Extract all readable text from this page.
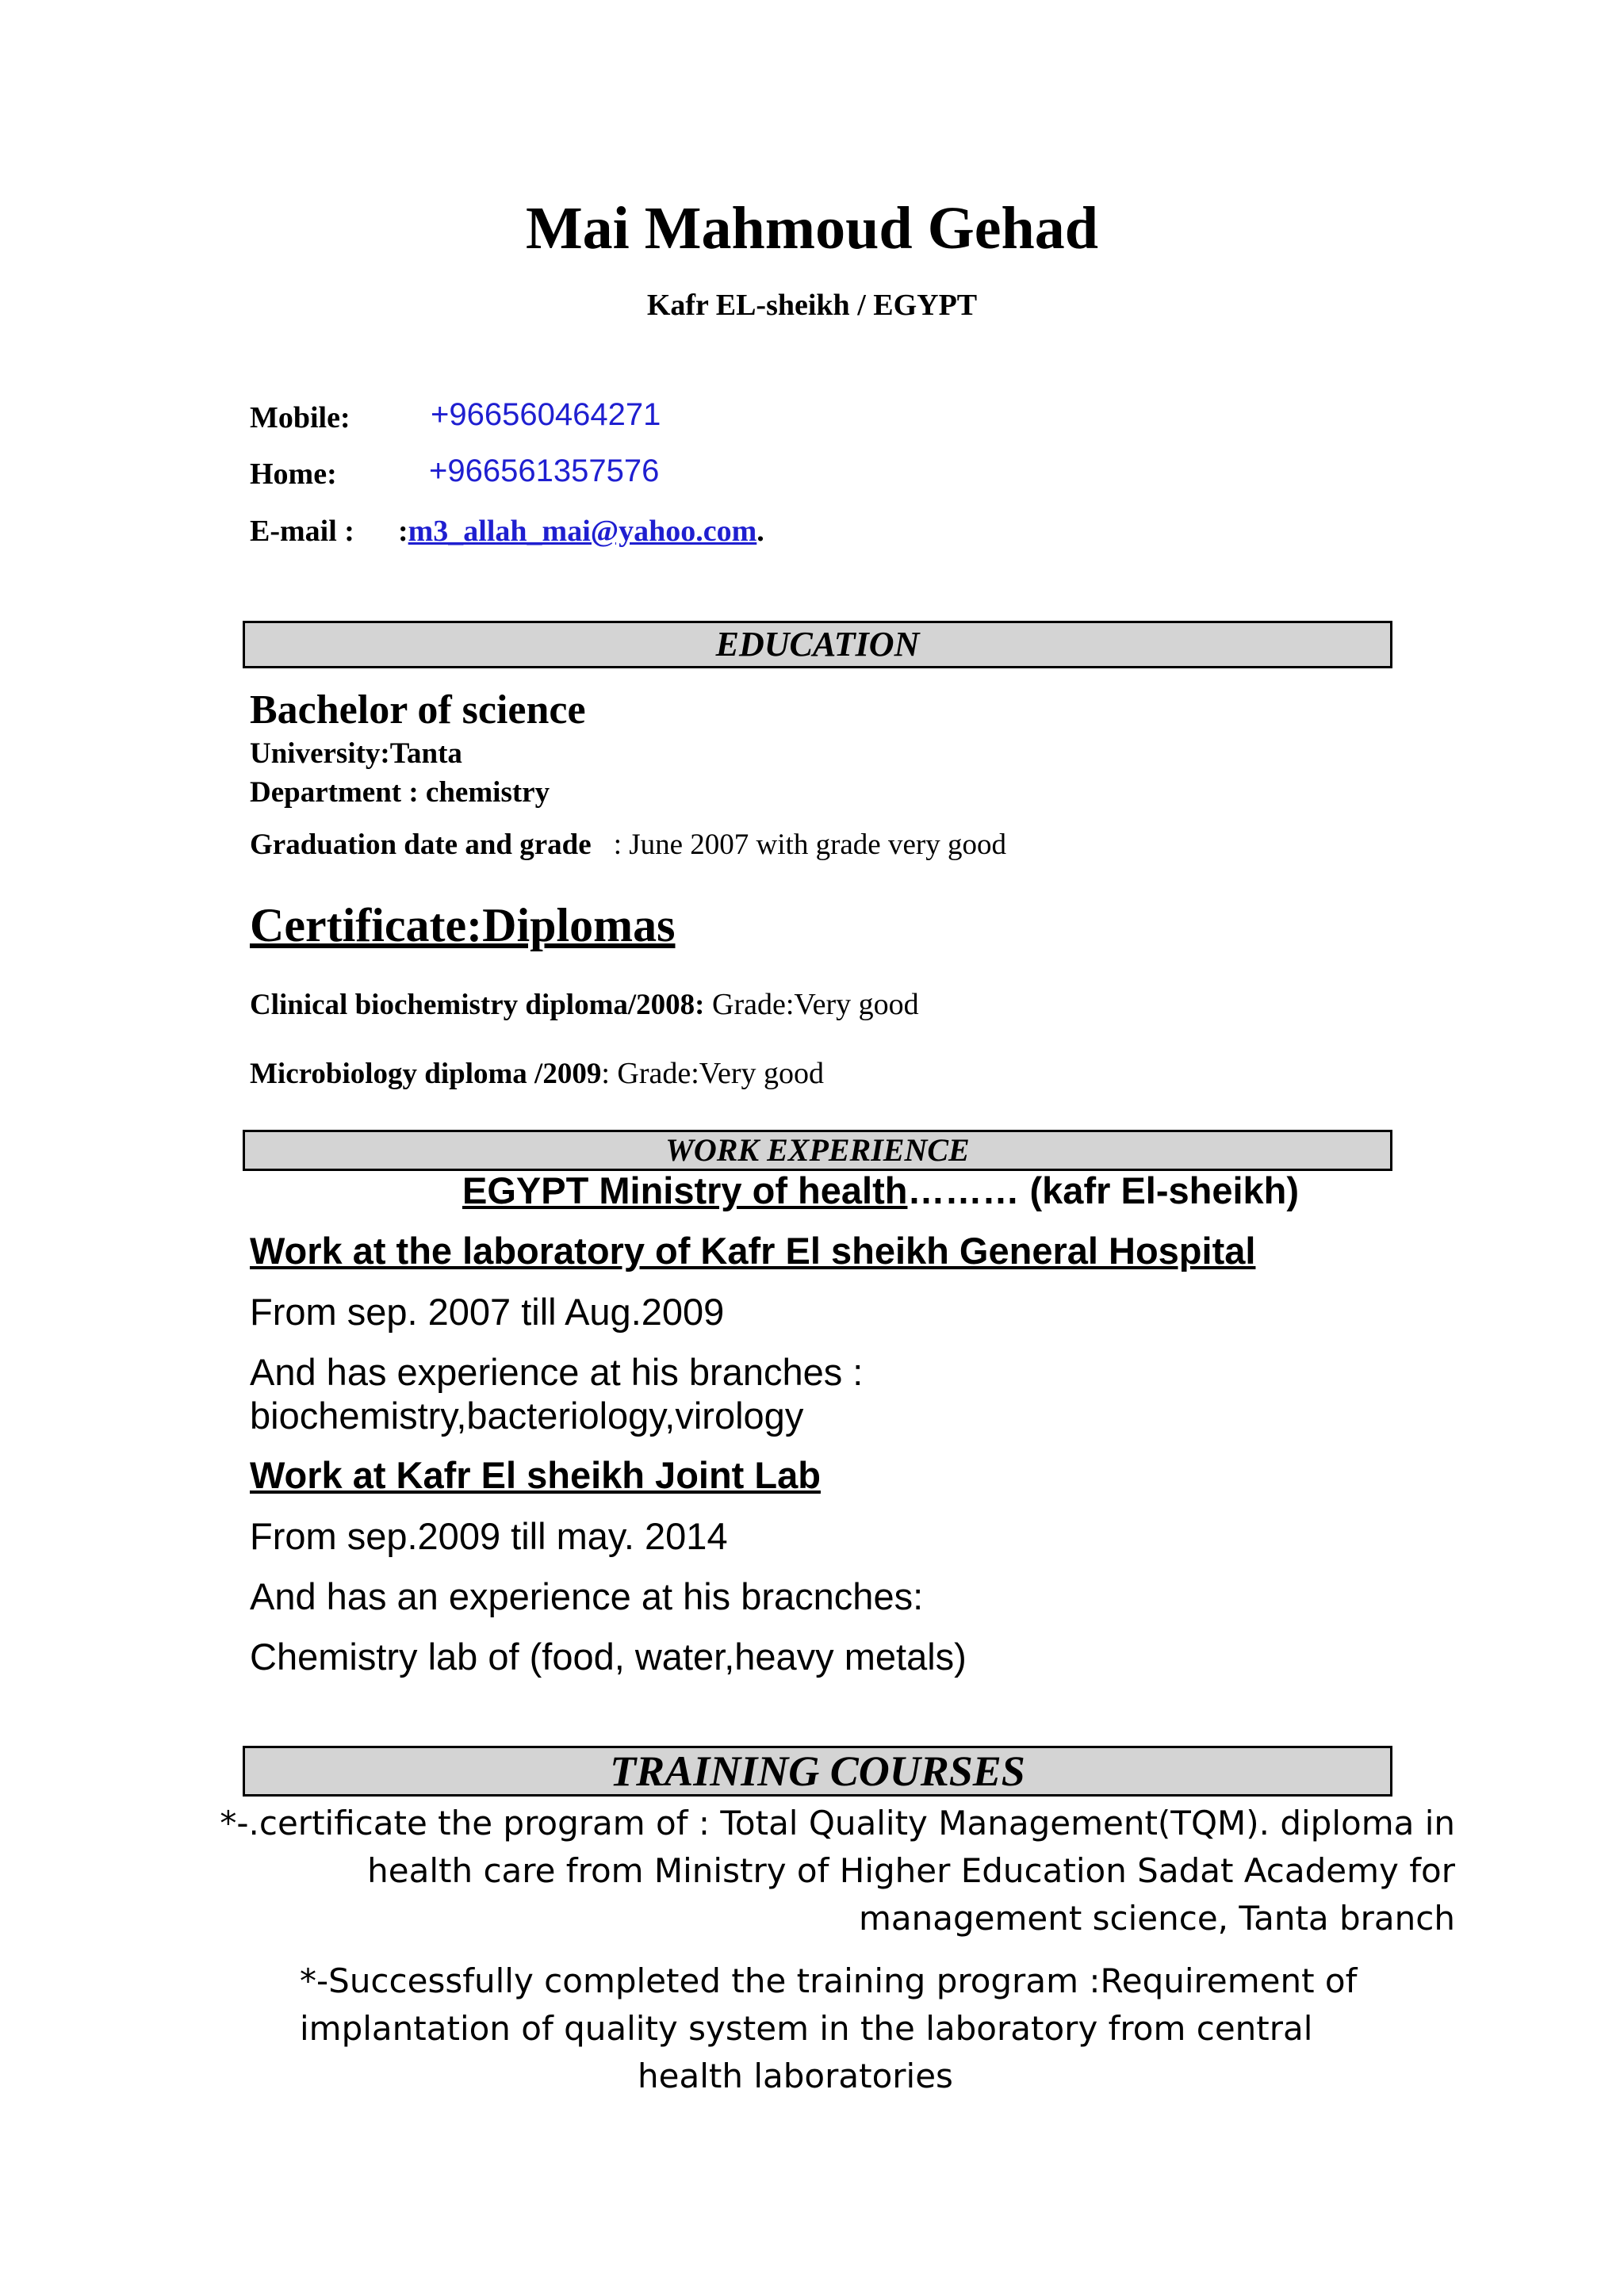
Mai Mahmoud Gehad
Kafr EL-sheikh / EGYPT
Mobile:	+966560464271
Home:	+966561357576
E-mail : :m3_allah_mai@yahoo.com.
EDUCATION
Bachelor of science
University:Tanta
Department : chemistry
Graduation date and grade : June 2007 with grade very good
Certificate:Diplomas
Clinical biochemistry diploma/2008: Grade:Very good
Microbiology diploma /2009: Grade:Very good
WORK EXPERIENCE
EGYPT Ministry of health……… (kafr El-sheikh)
Work at the laboratory of Kafr El sheikh General Hospital
From sep. 2007 till Aug.2009
And has experience at his branches :
biochemistry,bacteriology,virology
Work at Kafr El sheikh Joint Lab
From sep.2009 till may. 2014
And has an experience at his bracnches:
Chemistry lab of (food, water,heavy metals)
TRAINING COURSES
*-.certificate the program of : Total Quality Management(TQM). diploma in
health care from Ministry of Higher Education Sadat Academy for
management science, Tanta branch
*-Successfully completed the training program :Requirement of
implantation of quality system in the laboratory from central
health laboratories
